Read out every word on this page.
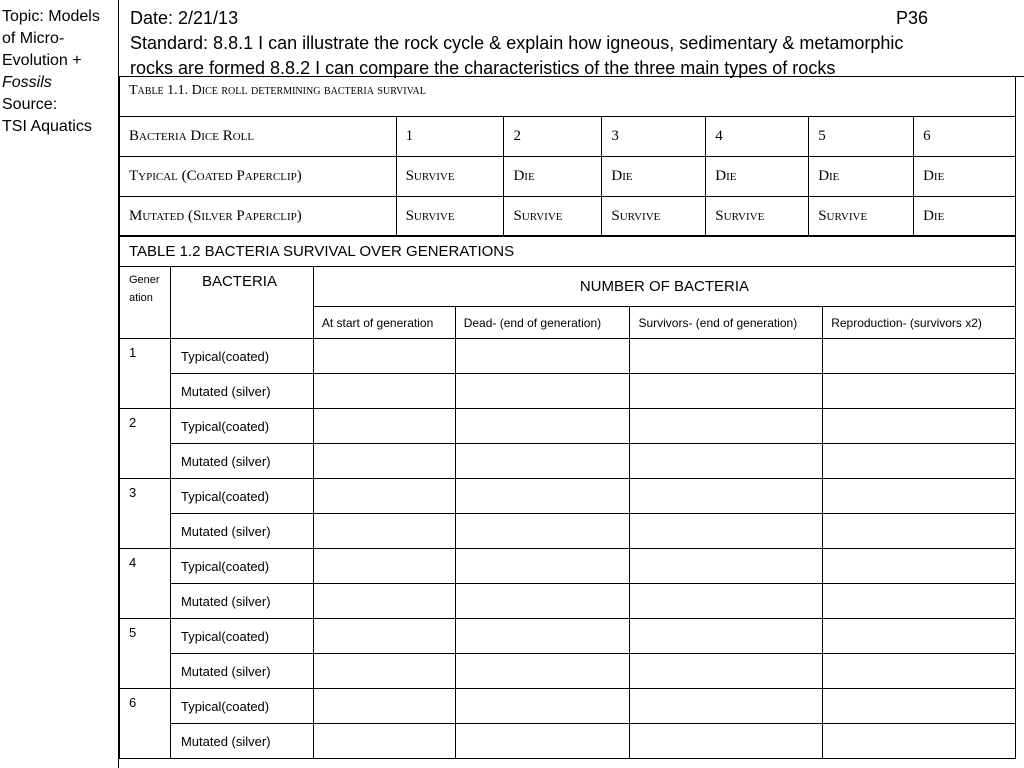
Topic: Models
of Micro-
Evolution +
Fossils
Source:
TSI Aquatics
Date: 2/21/13	P36
Standard: 8.8.1 I can illustrate the rock cycle & explain how igneous, sedimentary & metamorphic
rocks are formed 8.8.2 I can compare the characteristics of the three main types of rocks
Table 1.1. Dice roll determining bacteria survival						
Bacteria Dice Roll	1	2	3	4	5	6
Typical (Coated Paperclip)	Survive	Die	Die	Die	Die	Die
Mutated (Silver Paperclip)	Survive	Survive	Survive	Survive	Survive	Die
TABLE 1.2 BACTERIA SURVIVAL OVER GENERATIONS					
Gener
ation	BACTERIA	NUMBER OF BACTERIA			
		At start of generation	Dead- (end of generation)	Survivors- (end of generation)	Reproduction- (survivors x2)
1	Typical(coated)				
	Mutated (silver)				
2	Typical(coated)				
	Mutated (silver)				
3	Typical(coated)				
	Mutated (silver)				
4	Typical(coated)				
	Mutated (silver)				
5	Typical(coated)				
	Mutated (silver)				
6	Typical(coated)				
	Mutated (silver)				
